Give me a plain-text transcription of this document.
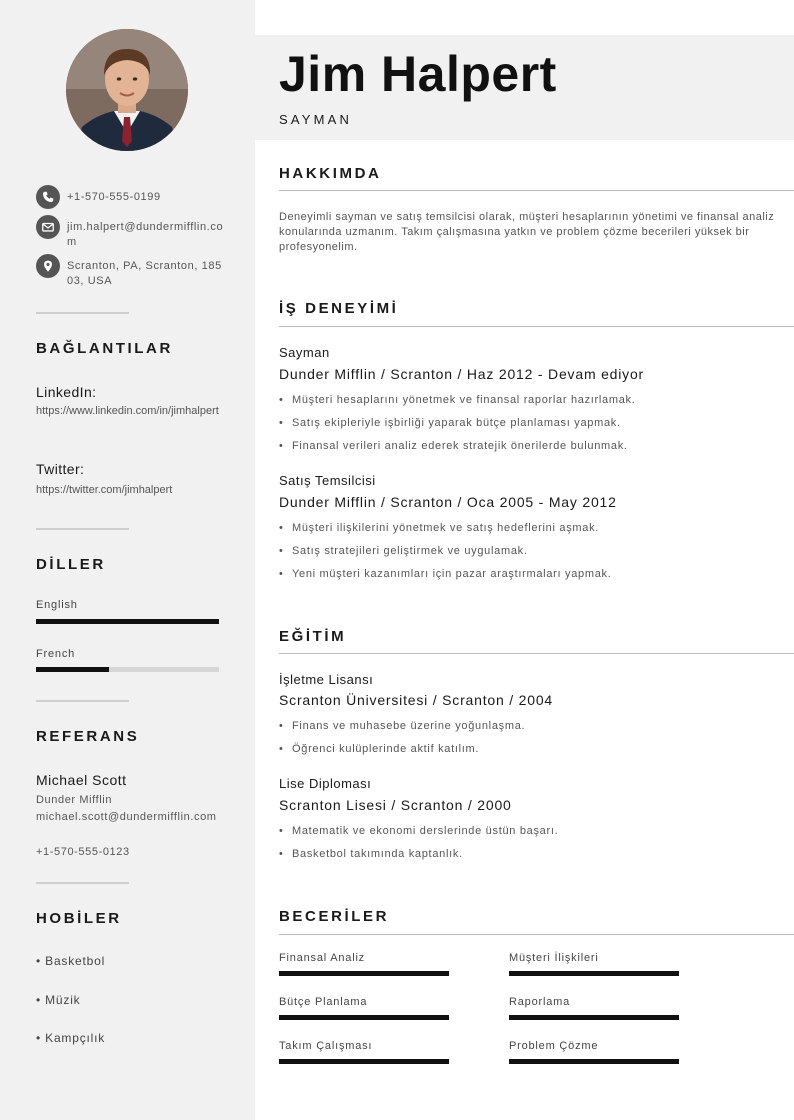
+1-570-555-0199
jim.halpert@dundermifflin.com
Scranton, PA, Scranton, 18503, USA
BAĞLANTILAR
LinkedIn:
https://www.linkedin.com/in/jimhalpert
Twitter:
https://twitter.com/jimhalpert
DİLLER
English
French
REFERANS
Michael Scott
Dunder Mifflin
michael.scott@dundermifflin.com
+1-570-555-0123
HOBİLER
• Basketbol
• Müzik
• Kampçılık
Jim Halpert
SAYMAN
HAKKIMDA
Deneyimli sayman ve satış temsilcisi olarak, müşteri hesaplarının yönetimi ve finansal analiz konularında uzmanım. Takım çalışmasına yatkın ve problem çözme becerileri yüksek bir profesyonelim.
İŞ DENEYİMİ
Sayman
Dunder Mifflin / Scranton / Haz 2012 - Devam ediyor
• Müşteri hesaplarını yönetmek ve finansal raporlar hazırlamak.
• Satış ekipleriyle işbirliği yaparak bütçe planlaması yapmak.
• Finansal verileri analiz ederek stratejik önerilerde bulunmak.
Satış Temsilcisi
Dunder Mifflin / Scranton / Oca 2005 - May 2012
• Müşteri ilişkilerini yönetmek ve satış hedeflerini aşmak.
• Satış stratejileri geliştirmek ve uygulamak.
• Yeni müşteri kazanımları için pazar araştırmaları yapmak.
EĞİTİM
İşletme Lisansı
Scranton Üniversitesi / Scranton / 2004
• Finans ve muhasebe üzerine yoğunlaşma.
• Öğrenci kulüplerinde aktif katılım.
Lise Diploması
Scranton Lisesi / Scranton / 2000
• Matematik ve ekonomi derslerinde üstün başarı.
• Basketbol takımında kaptanlık.
BECERİLER
Finansal Analiz	Müşteri İlişkileri
Bütçe Planlama	Raporlama
Takım Çalışması	Problem Çözme
